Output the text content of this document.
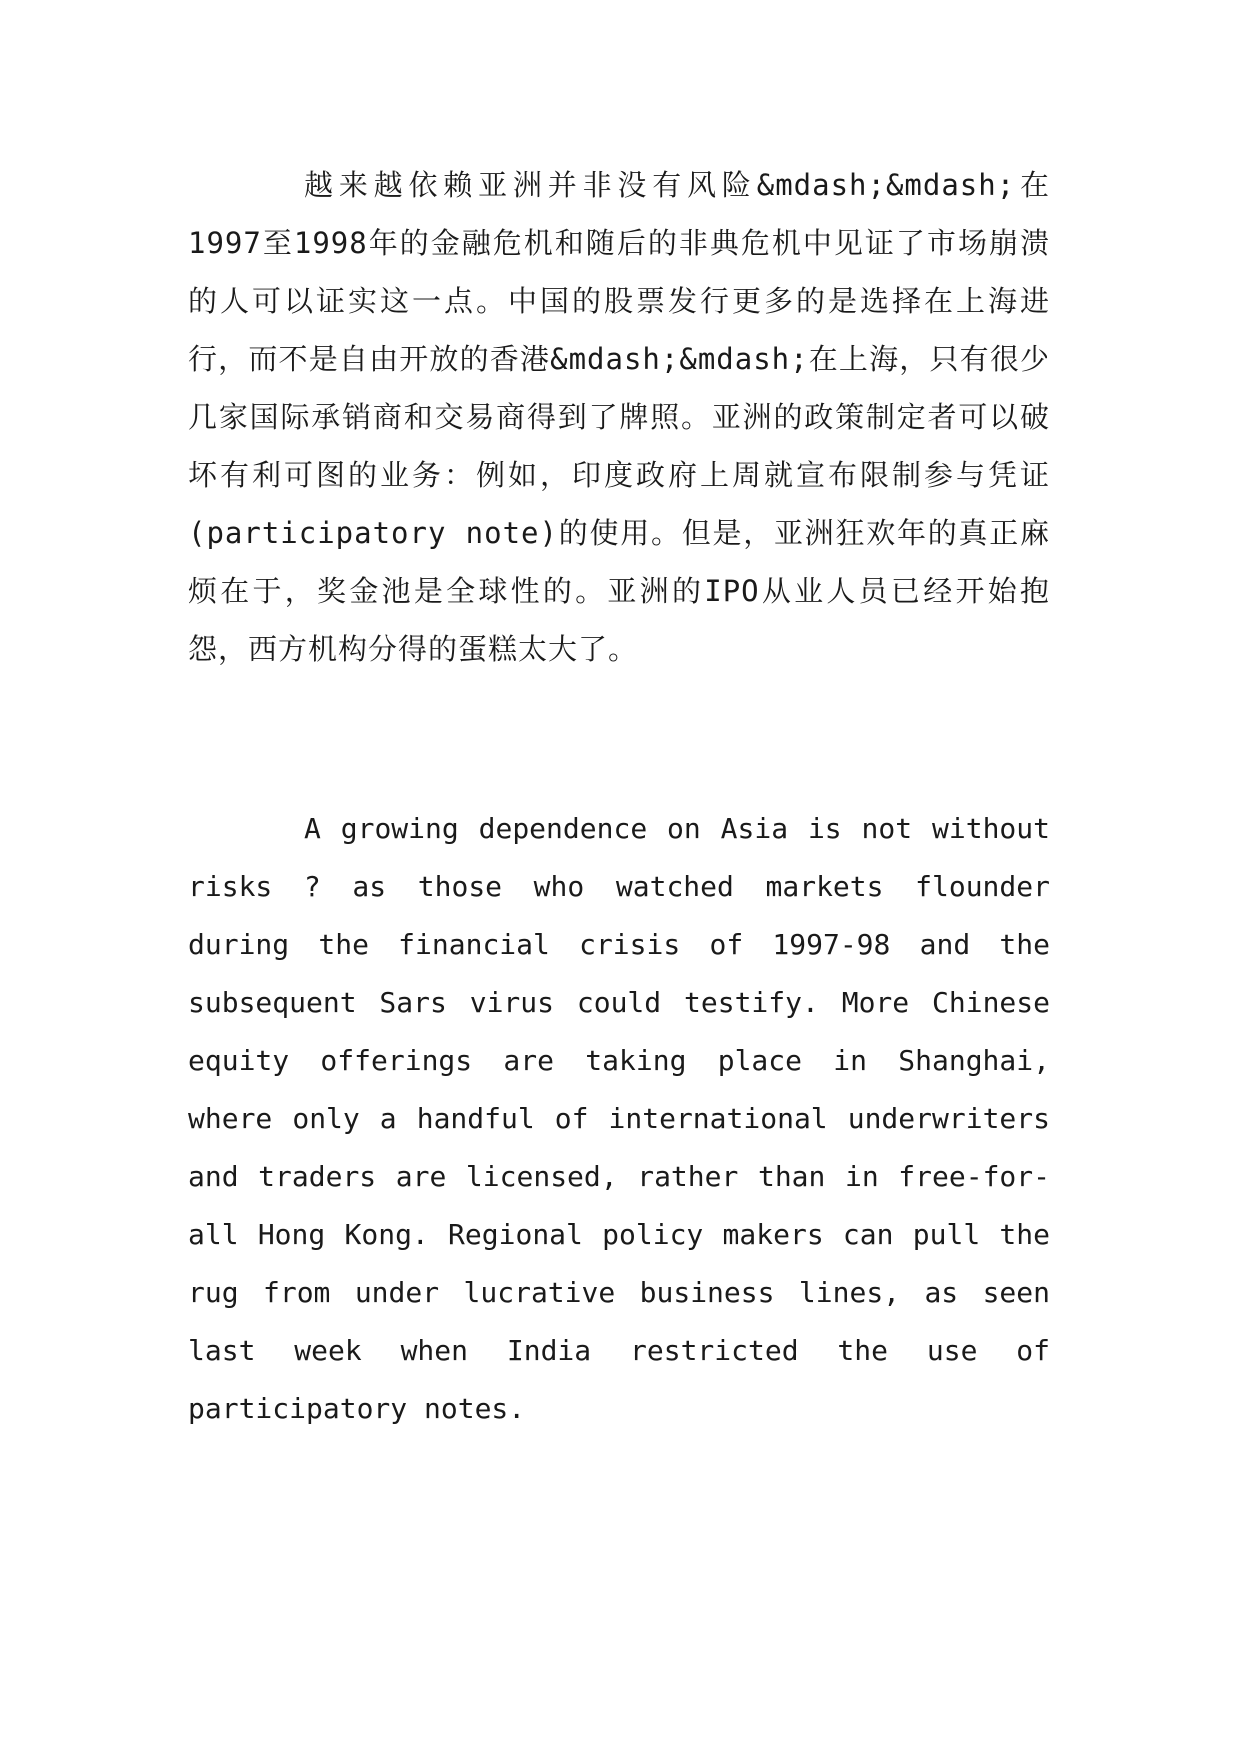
越来越依赖亚洲并非没有风险&mdash;&mdash;在1997至1998年的金融危机和随后的非典危机中见证了市场崩溃的人可以证实这一点。中国的股票发行更多的是选择在上海进行，而不是自由开放的香港&mdash;&mdash;在上海，只有很少几家国际承销商和交易商得到了牌照。亚洲的政策制定者可以破坏有利可图的业务：例如，印度政府上周就宣布限制参与凭证(participatory note)的使用。但是，亚洲狂欢年的真正麻烦在于，奖金池是全球性的。亚洲的IPO从业人员已经开始抱怨，西方机构分得的蛋糕太大了。

A growing dependence on Asia is not without risks ? as those who watched markets flounder during the financial crisis of 1997-98 and the subsequent Sars virus could testify. More Chinese equity offerings are taking place in Shanghai, where only a handful of international underwriters and traders are licensed, rather than in free-for-all Hong Kong. Regional policy makers can pull the rug from under lucrative business lines, as seen last week when India restricted the use of participatory notes.
